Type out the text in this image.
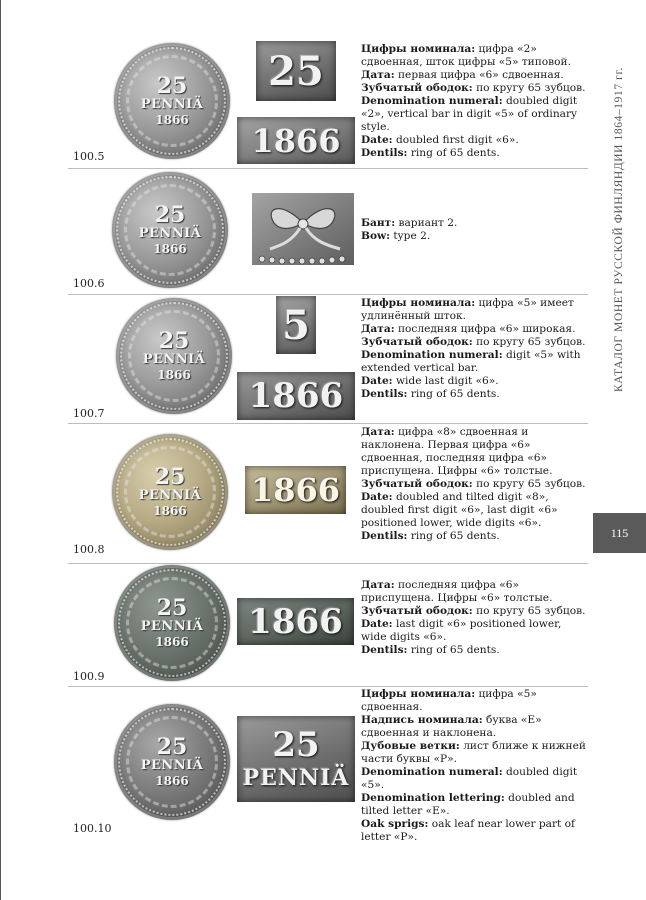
100.5
25
PENNIÄ
1866
25
1866

Цифры номинала: цифра «2» сдвоенная, шток цифры «5» типовой.

Дата: первая цифра «6» сдвоенная.

Зубчатый ободок: по кругу 65 зубцов.

Denomination numeral: doubled digit «2», vertical bar in digit «5» of ordinary style.

Date: doubled first digit «6».

Dentils: ring of 65 dents.

100.6
25
PENNIÄ
1866

Бант: вариант 2.

Bow: type 2.

100.7
25
PENNIÄ
1866
5
1866

Цифры номинала: цифра «5» имеет удлинённый шток.

Дата: последняя цифра «6» широкая.

Зубчатый ободок: по кругу 65 зубцов.

Denomination numeral: digit «5» with extended vertical bar.

Date: wide last digit «6».

Dentils: ring of 65 dents.

100.8
25
PENNIÄ
1866
1866

Дата: цифра «8» сдвоенная и наклонена. Первая цифра «6» сдвоенная, последняя цифра «6» приспущена. Цифры «6» толстые.

Зубчатый ободок: по кругу 65 зубцов.

Date: doubled and tilted digit «8», doubled first digit «6», last digit «6» positioned lower, wide digits «6».

Dentils: ring of 65 dents.

100.9
25
PENNIÄ
1866
1866

Дата: последняя цифра «6» приспущена. Цифры «6» толстые.

Зубчатый ободок: по кругу 65 зубцов.

Date: last digit «6» positioned lower, wide digits «6».

Dentils: ring of 65 dents.

100.10
25
PENNIÄ
1866
25
PENNIÄ

Цифры номинала: цифра «5» сдвоенная.

Надпись номинала: буква «Е» сдвоенная и наклонена.

Дубовые ветки: лист ближе к нижней части буквы «Р».

Denomination numeral: doubled digit «5».

Denomination lettering: doubled and tilted letter «E».

Oak sprigs: oak leaf near lower part of letter «P».

КАТАЛОГ МОНЕТ РУССКОЙ ФИНЛЯНДИИ 1864–1917 гг.
115
